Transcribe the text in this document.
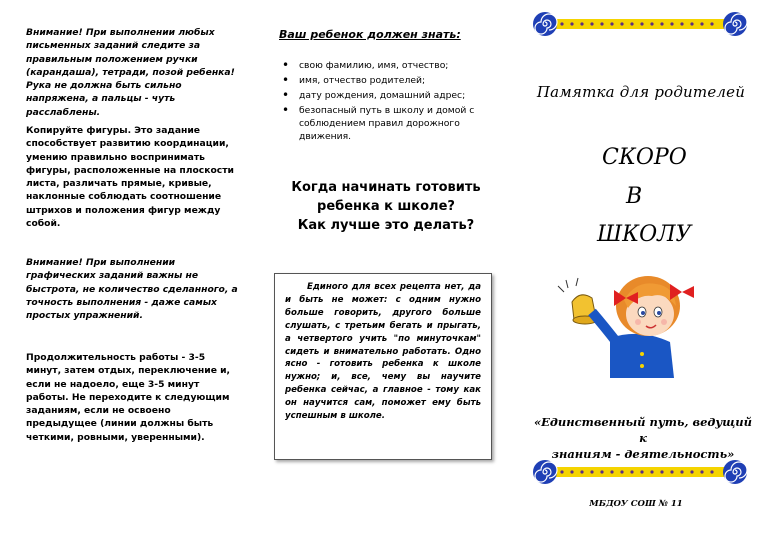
Внимание! При выполнении любых письменных заданий следите за правильным положением ручки (карандаша), тетради, позой ребенка! Рука не должна быть сильно напряжена, а пальцы - чуть расслаблены.

Копируйте фигуры. Это задание способствует развитию координации, умению правильно воспринимать фигуры, расположенные на плоскости листа, различать прямые, кривые, наклонные соблюдать соотношение штрихов и положения фигур между собой.

Внимание! При выполнении графических заданий важны не быстрота, не количество сделанного, а точность выполнения - даже самых простых упражнений.

Продолжительность работы - 3-5 минут, затем отдых, переключение и, если не надоело, еще 3-5 минут работы. Не переходите к следующим заданиям, если не освоено предыдущее (линии должны быть четкими, ровными, уверенными).

Ваш ребенок должен знать:

• свою фамилию, имя, отчество;
• имя, отчество родителей;
• дату рождения, домашний адрес;
• безопасный путь в школу и домой с соблюдением правил дорожного движения.
Когда начинать готовить
ребенка к школе?
Как лучше это делать?

Единого для всех рецепта нет, да и быть не может: с одним нужно больше говорить, другого больше слушать, с третьим бегать и прыгать, а четвертого учить "по минуточкам" сидеть и внимательно работать. Одно ясно - готовить ребенка к школе нужно; и, все, чему вы научите ребенка сейчас, а главное - тому как он научится сам, поможет ему быть успешным в школе.

Памятка для родителей

СКОРО

В

ШКОЛУ

«Единственный путь, ведущий к
знаниям - деятельность»

МБДОУ СОШ № 11
